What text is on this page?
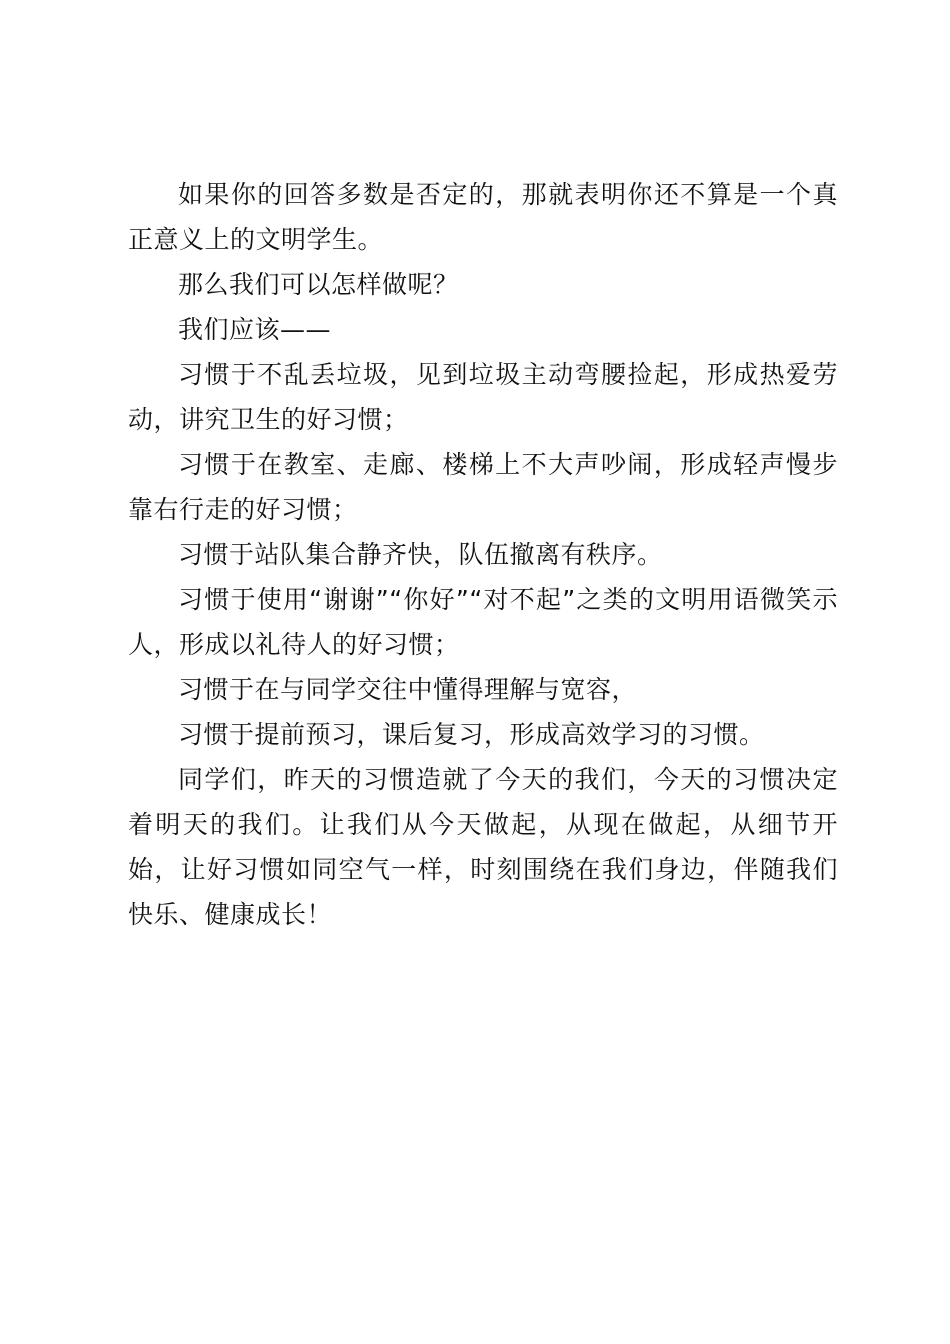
如果你的回答多数是否定的，那就表明你还不算是一个真正意义上的文明学生。

那么我们可以怎样做呢？

我们应该——

习惯于不乱丢垃圾，见到垃圾主动弯腰捡起，形成热爱劳动，讲究卫生的好习惯；

习惯于在教室、走廊、楼梯上不大声吵闹，形成轻声慢步靠右行走的好习惯；

习惯于站队集合静齐快，队伍撤离有秩序。

习惯于使用“谢谢”“你好”“对不起”之类的文明用语微笑示人，形成以礼待人的好习惯；

习惯于在与同学交往中懂得理解与宽容，

习惯于提前预习，课后复习，形成高效学习的习惯。

同学们，昨天的习惯造就了今天的我们，今天的习惯决定着明天的我们。让我们从今天做起，从现在做起，从细节开始，让好习惯如同空气一样，时刻围绕在我们身边，伴随我们快乐、健康成长！
